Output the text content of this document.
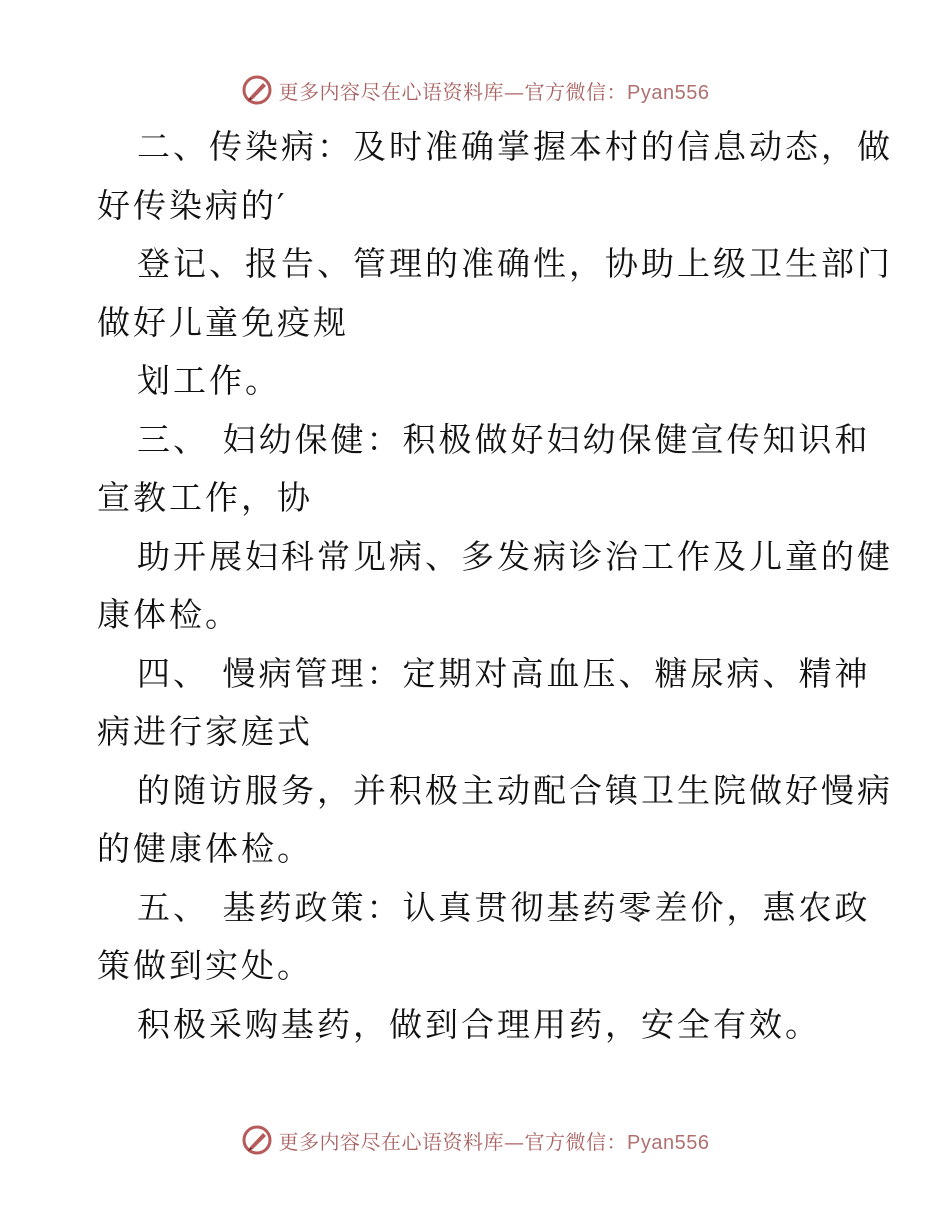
更多内容尽在心语资料库—官方微信：Pyan556
二、传染病：及时准确掌握本村的信息动态，做
好传染病的′
登记、报告、管理的准确性，协助上级卫生部门
做好儿童免疫规
划工作。
三、 妇幼保健：积极做好妇幼保健宣传知识和
宣教工作，协
助开展妇科常见病、多发病诊治工作及儿童的健
康体检。
四、 慢病管理：定期对高血压、糖尿病、精神
病进行家庭式
的随访服务，并积极主动配合镇卫生院做好慢病
的健康体检。
五、 基药政策：认真贯彻基药零差价，惠农政
策做到实处。
积极采购基药，做到合理用药，安全有效。
更多内容尽在心语资料库—官方微信：Pyan556
